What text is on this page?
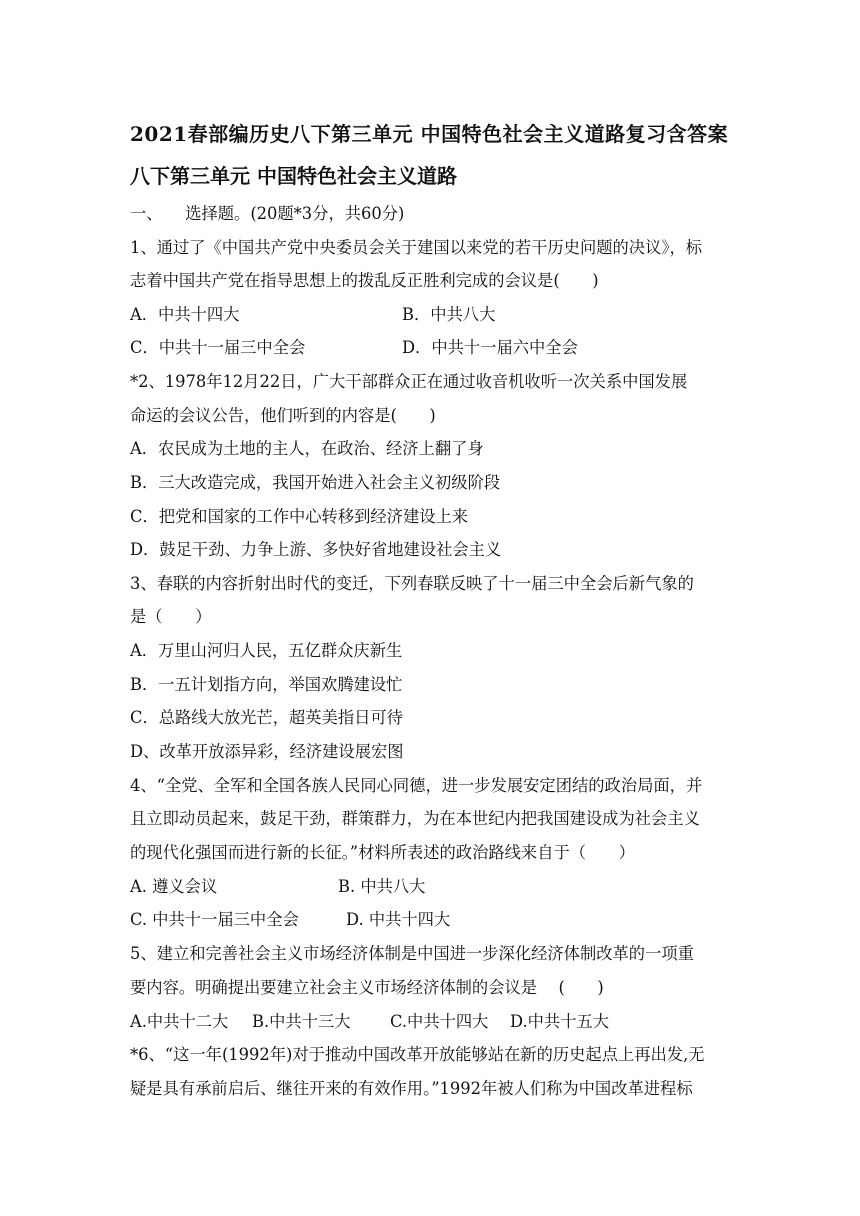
2021春部编历史八下第三单元 中国特色社会主义道路复习含答案
八下第三单元 中国特色社会主义道路
一、 选择题。(20题*3分，共60分)
1、通过了《中国共产党中央委员会关于建国以来党的若干历史问题的决议》，标
志着中国共产党在指导思想上的拨乱反正胜利完成的会议是(　　)
A．中共十四大	B．中共八大
C．中共十一届三中全会	D．中共十一届六中全会
*2、1978年12月22日，广大干部群众正在通过收音机收听一次关系中国发展
命运的会议公告，他们听到的内容是(　　)
A．农民成为土地的主人，在政治、经济上翻了身
B．三大改造完成，我国开始进入社会主义初级阶段
C．把党和国家的工作中心转移到经济建设上来
D．鼓足干劲、力争上游、多快好省地建设社会主义
3、春联的内容折射出时代的变迁，下列春联反映了十一届三中全会后新气象的
是（　　）
A．万里山河归人民，五亿群众庆新生
B．一五计划指方向，举国欢腾建设忙
C．总路线大放光芒，超英美指日可待
D、改革开放添异彩，经济建设展宏图
4、“全党、全军和全国各族人民同心同德，进一步发展安定团结的政治局面，并
且立即动员起来，鼓足干劲，群策群力，为在本世纪内把我国建设成为社会主义
的现代化强国而进行新的长征。”材料所表述的政治路线来自于（　　）
A. 遵义会议	B. 中共八大
C. 中共十一届三中全会	D. 中共十四大
5、建立和完善社会主义市场经济体制是中国进一步深化经济体制改革的一项重
要内容。明确提出要建立社会主义市场经济体制的会议是　 (　　)
A.中共十二大 B.中共十三大 C.中共十四大 D.中共十五大
*6、“这一年(1992年)对于推动中国改革开放能够站在新的历史起点上再出发,无
疑是具有承前启后、继往开来的有效作用。”1992年被人们称为中国改革进程标
